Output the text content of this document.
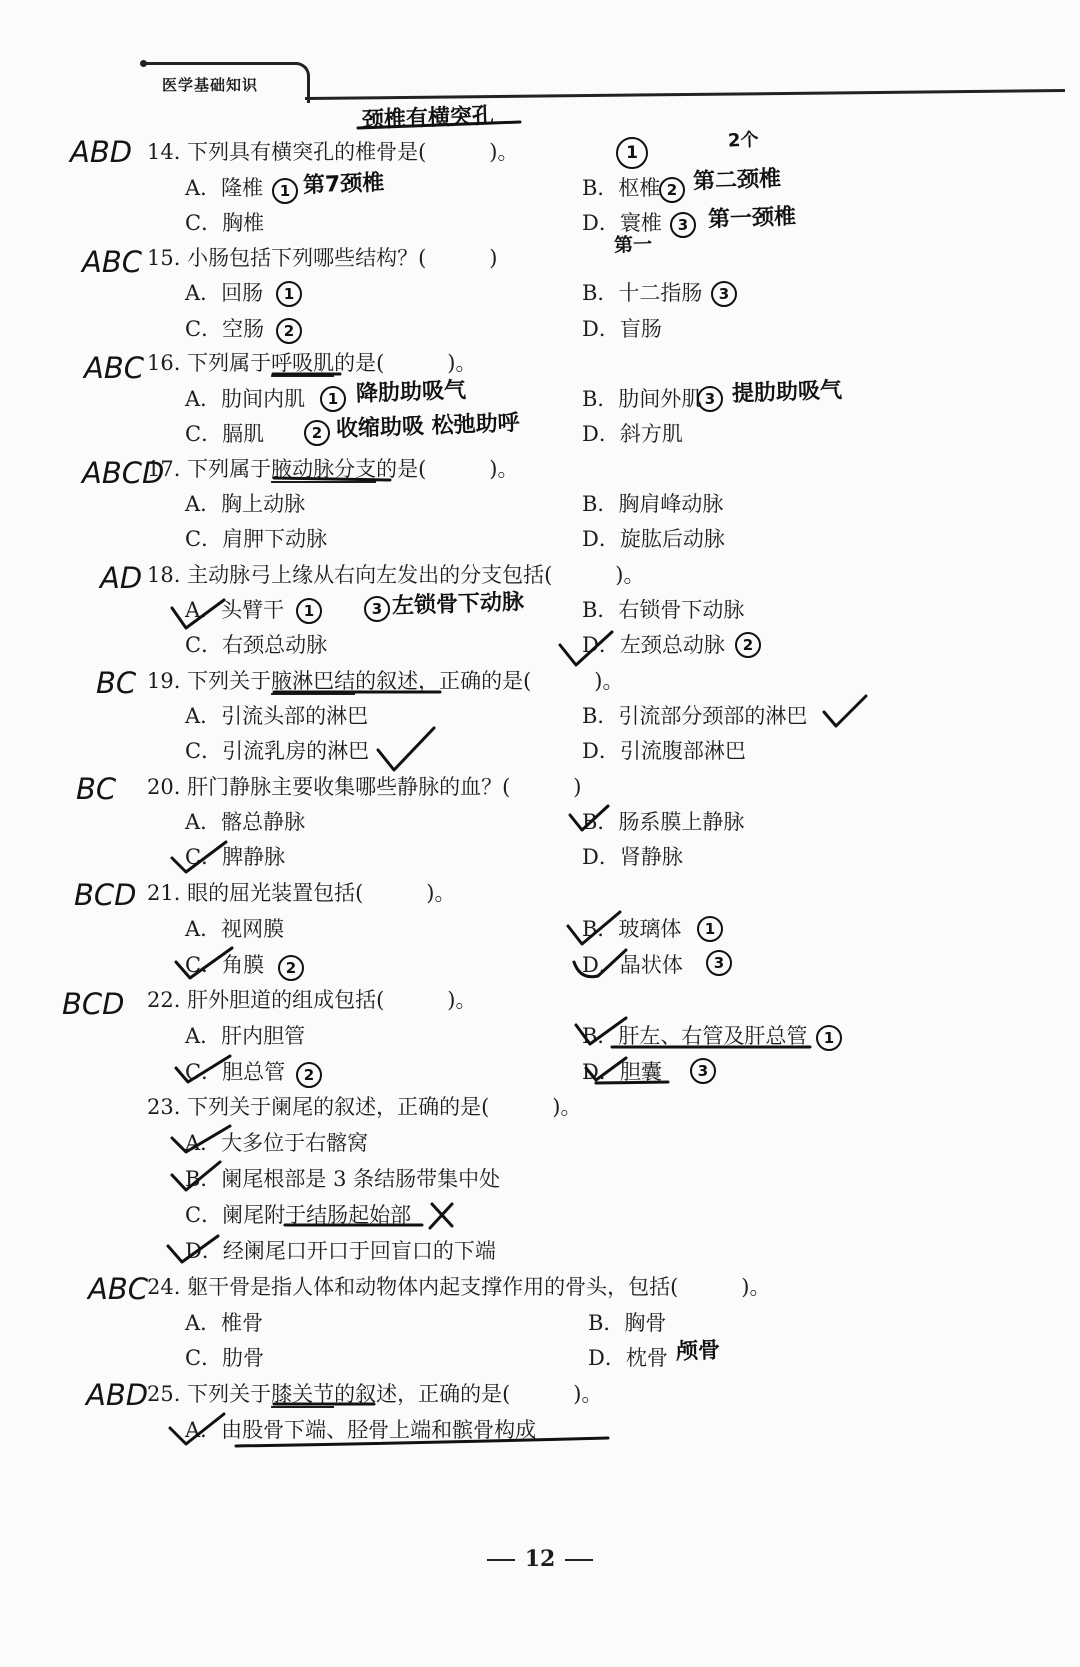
医学基础知识
颈椎有横突孔
ABD 14. 下列具有横突孔的椎骨是(　　　)。	1
2个
A．隆椎	1 第7颈椎	B．枢椎 2 第二颈椎
C．胸椎	D．寰椎	3 第一颈椎
第一
ABC 15. 小肠包括下列哪些结构？(　　　)
A．回肠	1	B．十二指肠	3
C．空肠	2	D．盲肠
ABC 16. 下列属于呼吸肌的是(　　　)。
A．肋间内肌	1 降肋助吸气	B．肋间外肌 3 提肋助吸气
C．膈肌	2 收缩助吸 松弛助呼	D．斜方肌
ABCD
17. 下列属于腋动脉分支的是(　　　)。
A．胸上动脉	B．胸肩峰动脉
C．肩胛下动脉	D．旋肱后动脉
AD 18. 主动脉弓上缘从右向左发出的分支包括(　　　)。
A．头臂干	1	3 左锁骨下动脉	B．右锁骨下动脉
C．右颈总动脉	D．左颈总动脉	2
BC 19. 下列关于腋淋巴结的叙述，正确的是(　　　)。
A．引流头部的淋巴	B．引流部分颈部的淋巴
C．引流乳房的淋巴	D．引流腹部淋巴
BC 20. 肝门静脉主要收集哪些静脉的血？(　　　)
A．髂总静脉	B．肠系膜上静脉
C．脾静脉	D．肾静脉
BCD 21. 眼的屈光装置包括(　　　)。
A．视网膜	B．玻璃体	1
C．角膜	2	D．晶状体	3
BCD 22. 肝外胆道的组成包括(　　　)。
A．肝内胆管	B．肝左、右管及肝总管	1
C．胆总管	2	D．胆囊	3
23. 下列关于阑尾的叙述，正确的是(　　　)。
A．大多位于右髂窝
B．阑尾根部是 3 条结肠带集中处
C．阑尾附于结肠起始部
D．经阑尾口开口于回盲口的下端
ABC 24. 躯干骨是指人体和动物体内起支撑作用的骨头，包括(　　　)。
A．椎骨	B．胸骨
C．肋骨	D．枕骨 颅骨
ABD
25. 下列关于膝关节的叙述，正确的是(　　　)。
A．由股骨下端、胫骨上端和髌骨构成
12
